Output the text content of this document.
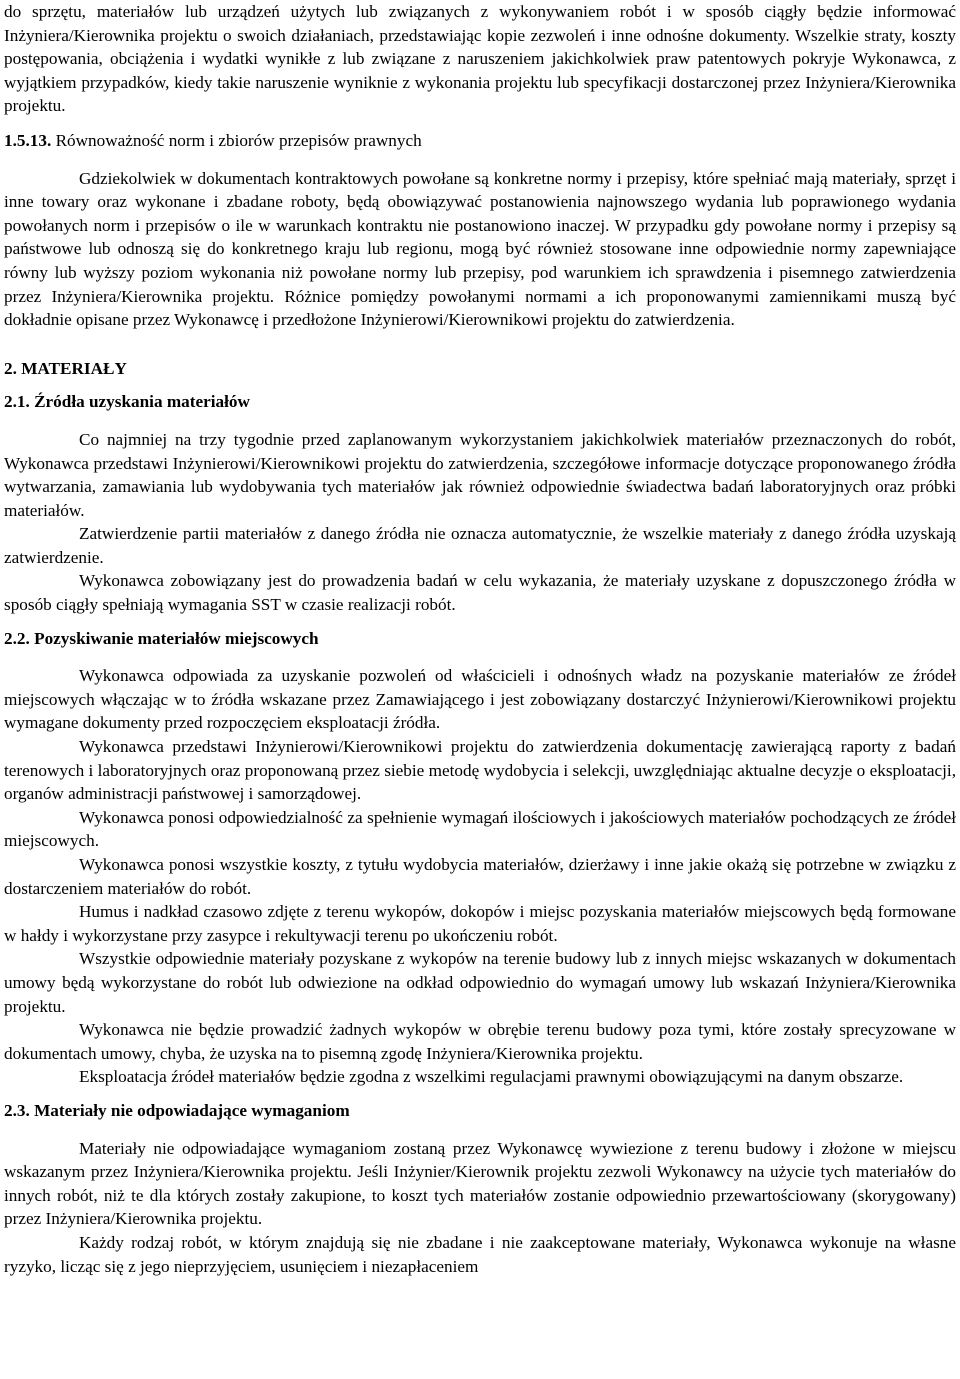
do sprzętu, materiałów lub urządzeń użytych lub związanych z wykonywaniem robót i w sposób ciągły będzie informować Inżyniera/Kierownika projektu o swoich działaniach, przedstawiając kopie zezwoleń i inne odnośne dokumenty. Wszelkie straty, koszty postępowania, obciążenia i wydatki wynikłe z lub związane z naruszeniem jakichkolwiek praw patentowych pokryje Wykonawca, z wyjątkiem przypadków, kiedy takie naruszenie wyniknie z wykonania projektu lub specyfikacji dostarczonej przez Inżyniera/Kierownika projektu.

1.5.13. Równoważność norm i zbiorów przepisów prawnych

Gdziekolwiek w dokumentach kontraktowych powołane są konkretne normy i przepisy, które spełniać mają materiały, sprzęt i inne towary oraz wykonane i zbadane roboty, będą obowiązywać postanowienia najnowszego wydania lub poprawionego wydania powołanych norm i przepisów o ile w warunkach kontraktu nie postanowiono inaczej. W przypadku gdy powołane normy i przepisy są państwowe lub odnoszą się do konkretnego kraju lub regionu, mogą być również stosowane inne odpowiednie normy zapewniające równy lub wyższy poziom wykonania niż powołane normy lub przepisy, pod warunkiem ich sprawdzenia i pisemnego zatwierdzenia przez Inżyniera/Kierownika projektu. Różnice pomiędzy powołanymi normami a ich proponowanymi zamiennikami muszą być dokładnie opisane przez Wykonawcę i przedłożone Inżynierowi/Kierownikowi projektu do zatwierdzenia.

2. MATERIAŁY
2.1. Źródła uzyskania materiałów

Co najmniej na trzy tygodnie przed zaplanowanym wykorzystaniem jakichkolwiek materiałów przeznaczonych do robót, Wykonawca przedstawi Inżynierowi/Kierownikowi projektu do zatwierdzenia, szczegółowe informacje dotyczące proponowanego źródła wytwarzania, zamawiania lub wydobywania tych materiałów jak również odpowiednie świadectwa badań laboratoryjnych oraz próbki materiałów.

Zatwierdzenie partii materiałów z danego źródła nie oznacza automatycznie, że wszelkie materiały z danego źródła uzyskają zatwierdzenie.

Wykonawca zobowiązany jest do prowadzenia badań w celu wykazania, że materiały uzyskane z dopuszczonego źródła w sposób ciągły spełniają wymagania SST w czasie realizacji robót.

2.2. Pozyskiwanie materiałów miejscowych

Wykonawca odpowiada za uzyskanie pozwoleń od właścicieli i odnośnych władz na pozyskanie materiałów ze źródeł miejscowych włączając w to źródła wskazane przez Zamawiającego i jest zobowiązany dostarczyć Inżynierowi/Kierownikowi projektu wymagane dokumenty przed rozpoczęciem eksploatacji źródła.

Wykonawca przedstawi Inżynierowi/Kierownikowi projektu do zatwierdzenia dokumentację zawierającą raporty z badań terenowych i laboratoryjnych oraz proponowaną przez siebie metodę wydobycia i selekcji, uwzględniając aktualne decyzje o eksploatacji, organów administracji państwowej i samorządowej.

Wykonawca ponosi odpowiedzialność za spełnienie wymagań ilościowych i jakościowych materiałów pochodzących ze źródeł miejscowych.

Wykonawca ponosi wszystkie koszty, z tytułu wydobycia materiałów, dzierżawy i inne jakie okażą się potrzebne w związku z dostarczeniem materiałów do robót.

Humus i nadkład czasowo zdjęte z terenu wykopów, dokopów i miejsc pozyskania materiałów miejscowych będą formowane w hałdy i wykorzystane przy zasypce i rekultywacji terenu po ukończeniu robót.

Wszystkie odpowiednie materiały pozyskane z wykopów na terenie budowy lub z innych miejsc wskazanych w dokumentach umowy będą wykorzystane do robót lub odwiezione na odkład odpowiednio do wymagań umowy lub wskazań Inżyniera/Kierownika projektu.

Wykonawca nie będzie prowadzić żadnych wykopów w obrębie terenu budowy poza tymi, które zostały sprecyzowane w dokumentach umowy, chyba, że uzyska na to pisemną zgodę Inżyniera/Kierownika projektu.

Eksploatacja źródeł materiałów będzie zgodna z wszelkimi regulacjami prawnymi obowiązującymi na danym obszarze.

2.3. Materiały nie odpowiadające wymaganiom

Materiały nie odpowiadające wymaganiom zostaną przez Wykonawcę wywiezione z terenu budowy i złożone w miejscu wskazanym przez Inżyniera/Kierownika projektu. Jeśli Inżynier/Kierownik projektu zezwoli Wykonawcy na użycie tych materiałów do innych robót, niż te dla których zostały zakupione, to koszt tych materiałów zostanie odpowiednio przewartościowany (skorygowany) przez Inżyniera/Kierownika projektu.

Każdy rodzaj robót, w którym znajdują się nie zbadane i nie zaakceptowane materiały, Wykonawca wykonuje na własne ryzyko, licząc się z jego nieprzyjęciem, usunięciem i niezapłaceniem
